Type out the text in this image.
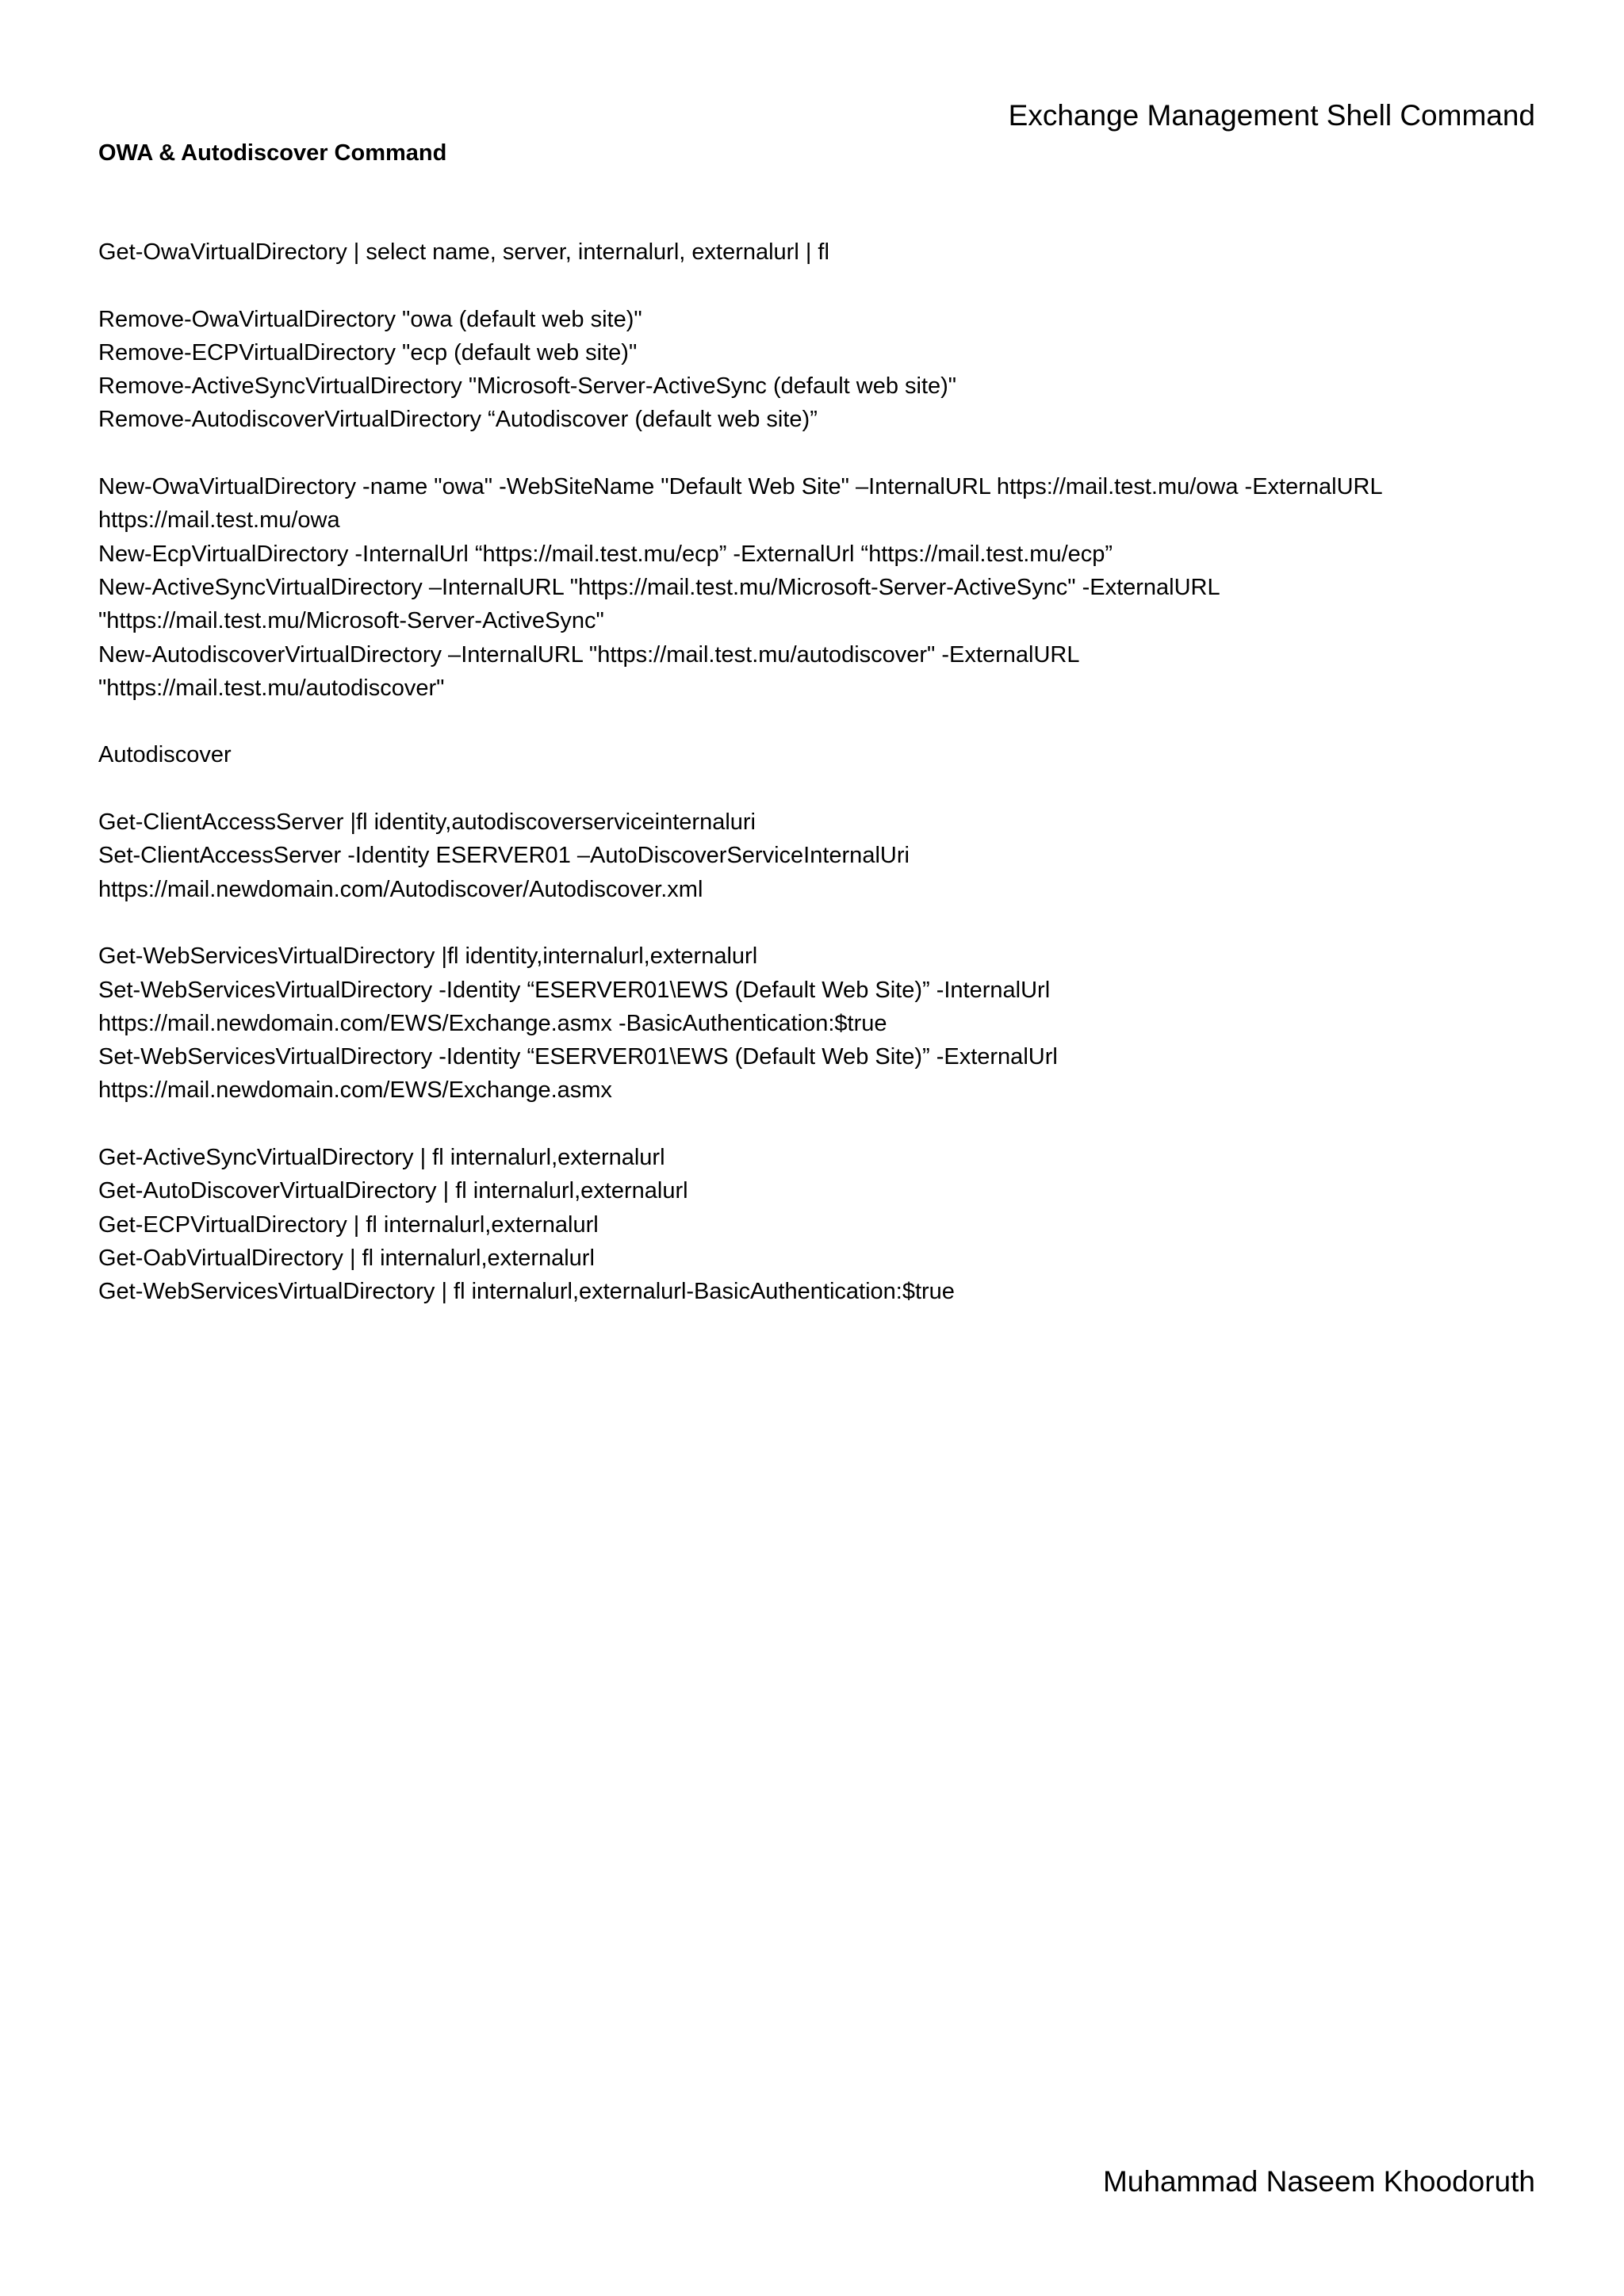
Exchange Management Shell Command
OWA & Autodiscover Command
Get-OwaVirtualDirectory | select name, server, internalurl, externalurl | fl
Remove-OwaVirtualDirectory "owa (default web site)"
Remove-ECPVirtualDirectory "ecp (default web site)"
Remove-ActiveSyncVirtualDirectory "Microsoft-Server-ActiveSync (default web site)"
Remove-AutodiscoverVirtualDirectory “Autodiscover (default web site)”
New-OwaVirtualDirectory -name "owa" -WebSiteName "Default Web Site" –InternalURL https://mail.test.mu/owa -ExternalURL
https://mail.test.mu/owa
New-EcpVirtualDirectory -InternalUrl “https://mail.test.mu/ecp” -ExternalUrl “https://mail.test.mu/ecp”
New-ActiveSyncVirtualDirectory –InternalURL "https://mail.test.mu/Microsoft-Server-ActiveSync" -ExternalURL
"https://mail.test.mu/Microsoft-Server-ActiveSync"
New-AutodiscoverVirtualDirectory –InternalURL "https://mail.test.mu/autodiscover" -ExternalURL
"https://mail.test.mu/autodiscover"
Autodiscover
Get-ClientAccessServer |fl identity,autodiscoverserviceinternaluri
Set-ClientAccessServer -Identity ESERVER01 –AutoDiscoverServiceInternalUri
https://mail.newdomain.com/Autodiscover/Autodiscover.xml
Get-WebServicesVirtualDirectory |fl identity,internalurl,externalurl
Set-WebServicesVirtualDirectory -Identity “ESERVER01\EWS (Default Web Site)” -InternalUrl
https://mail.newdomain.com/EWS/Exchange.asmx -BasicAuthentication:$true
Set-WebServicesVirtualDirectory -Identity “ESERVER01\EWS (Default Web Site)” -ExternalUrl
https://mail.newdomain.com/EWS/Exchange.asmx
Get-ActiveSyncVirtualDirectory | fl internalurl,externalurl
Get-AutoDiscoverVirtualDirectory | fl internalurl,externalurl
Get-ECPVirtualDirectory | fl internalurl,externalurl
Get-OabVirtualDirectory | fl internalurl,externalurl
Get-WebServicesVirtualDirectory | fl internalurl,externalurl-BasicAuthentication:$true
Muhammad Naseem Khoodoruth
